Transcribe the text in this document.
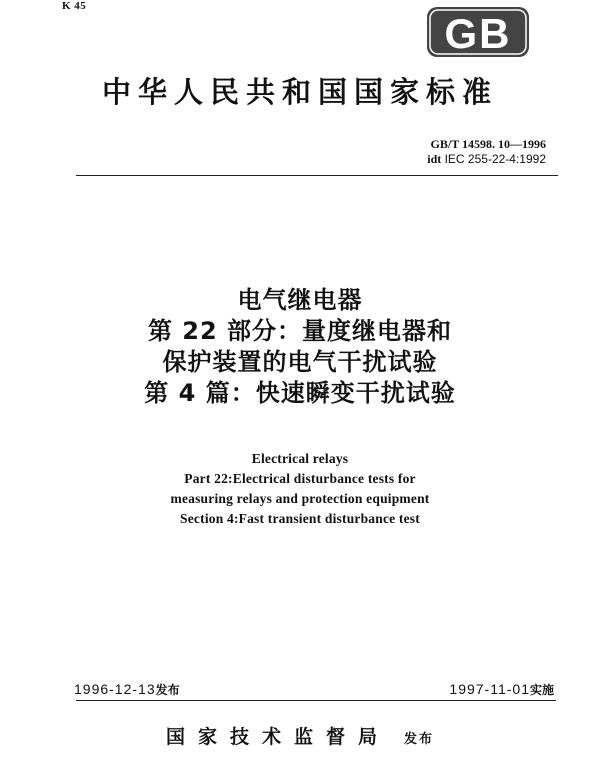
K 45
GB
中华人民共和国国家标准
GB/T 14598. 10—1996
idt IEC 255-22-4:1992
电气继电器
第 22 部分：量度继电器和
保护装置的电气干扰试验
第 4 篇：快速瞬变干扰试验
Electrical relays
Part 22:Electrical disturbance tests for
measuring relays and protection equipment
Section 4:Fast transient disturbance test
1996-12-13发布	1997-11-01实施
国家技术监督局 发布
